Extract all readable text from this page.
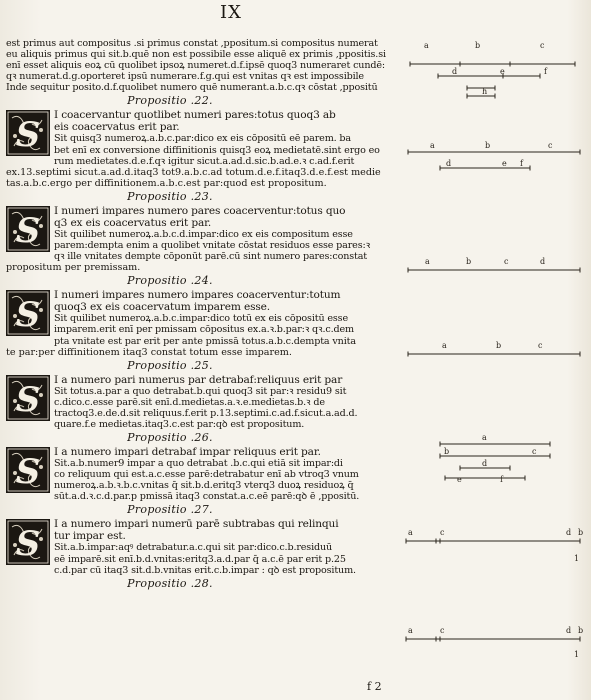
IX
est primus aut compositus .si primus constat ,ppositum.si compositus numerat
eu aliquis primus qui sit.b.quē non est possibile esse aliquē ex primis ,ppositis.si
enī esset aliquis eoꝝ cū quolibet ipsoꝝ numeret.d.f.ipsē quoq3 numeraret cundē:
qꝛ numerat.d.g.oporteret ipsū numerare.f.g.qui est vnitas qꝛ est impossibile
Inde sequitur posito.d.f.quolibet numero quē numerant.a.b.c.qꝛ cōstat ,ppositū
Propositio .22.
S I coacervantur quotlibet numeri pares:totus quoq3 ab
eis coacervatus erit par.
Sit quisq3 numeroꝝ.a.b.c.par:dico ex eis cōpositū eē parem. ba
bet enī ex conversione diffinitionis quisq3 eoꝝ medietatē.sint ergo eo
rum medietates.d.e.f.qꝛ igitur sicut.a.ad.d.sic.b.ad.e.ꝛ c.ad.f.erit
ex.13.septimi sicut.a.ad.d.itaq3 tot9.a.b.c.ad totum.d.e.f.itaq3.d.e.f.est medie
tas.a.b.c.ergo per diffinitionem.a.b.c.est par:quod est propositum.
Propositio .23.
S I numeri impares numero pares coacerventur:totus quo
q3 ex eis coacervatus erit par.
Sit quilibet numeroꝝ.a.b.c.d.impar:dico ex eis compositum esse
parem:dempta enim a quolibet vnitate cōstat residuos esse pares:ꝛ
qꝛ ille vnitates dempte cōponūt parē.cū sint numero pares:constat
propositum per premissam.
Propositio .24.
S I numeri impares numero impares coacerventur:totum
quoq3 ex eis coacervatum imparem esse.
Sit quilibet numeroꝝ.a.b.c.impar:dico totū ex eis cōpositū esse
imparem.erit enī per pmissam cōpositus ex.a.ꝛ.b.par:ꝛ qꝛ.c.dem
pta vnitate est par erit per ante pmissā totus.a.b.c.dempta vnita
te par:per diffinitionem itaq3 constat totum esse imparem.
Propositio .25.
S I a numero pari numerus par detrabaf:reliquus erit par
Sit totus.a.par a quo detrabat.b.qui quoq3 sit par:ꝛ residu9 sit
c.dico.c.esse parē.sit enī.d.medietas.a.ꝛ.e.medietas.b.ꝛ de
tractoq3.e.de.d.sit reliquus.f.erit p.13.septimi.c.ad.f.sicut.a.ad.d.
quare.f.e medietas.itaq3.c.est par:qꝺ est propositum.
Propositio .26.
S I a numero impari detrabaf impar reliquus erit par.
Sit.a.b.numer9 impar a quo detrabat .b.c.qui etiā sit impar:di
co reliquum qui est.a.c.esse parē:detrabatur enī ab vtroq3 vnum
numeroꝝ.a.b.ꝛ.b.c.vnitas q̄ sit.b.d.eritq3 vterq3 duoꝝ residuoꝝ q̄
sūt.a.d.ꝛ.c.d.par.p pmissā itaq3 constat.a.c.eē parē:qꝺ ē ,ppositū.
Propositio .27.
S I a numero impari numerū parē subtrabas qui relinqui
tur impar est.
Sit.a.b.impar:aqꝰ detrabatur.a.c.qui sit par:dico.c.b.residuū
eē imparē.sit enī.b.d.vnitas:eritq3.a.d.par q̄ a.c.ē par erit p.25
c.d.par cū itaq3 sit.d.b.vnitas erit.c.b.impar : qꝺ est propositum.
Propositio .28.
a	b	c
d	e	f
h
a	b	c
d	e f
a	b	c	d
a	b	c
a
b	c
d
e	f
a	c	d b
1
a	c	d b
1
f 2
